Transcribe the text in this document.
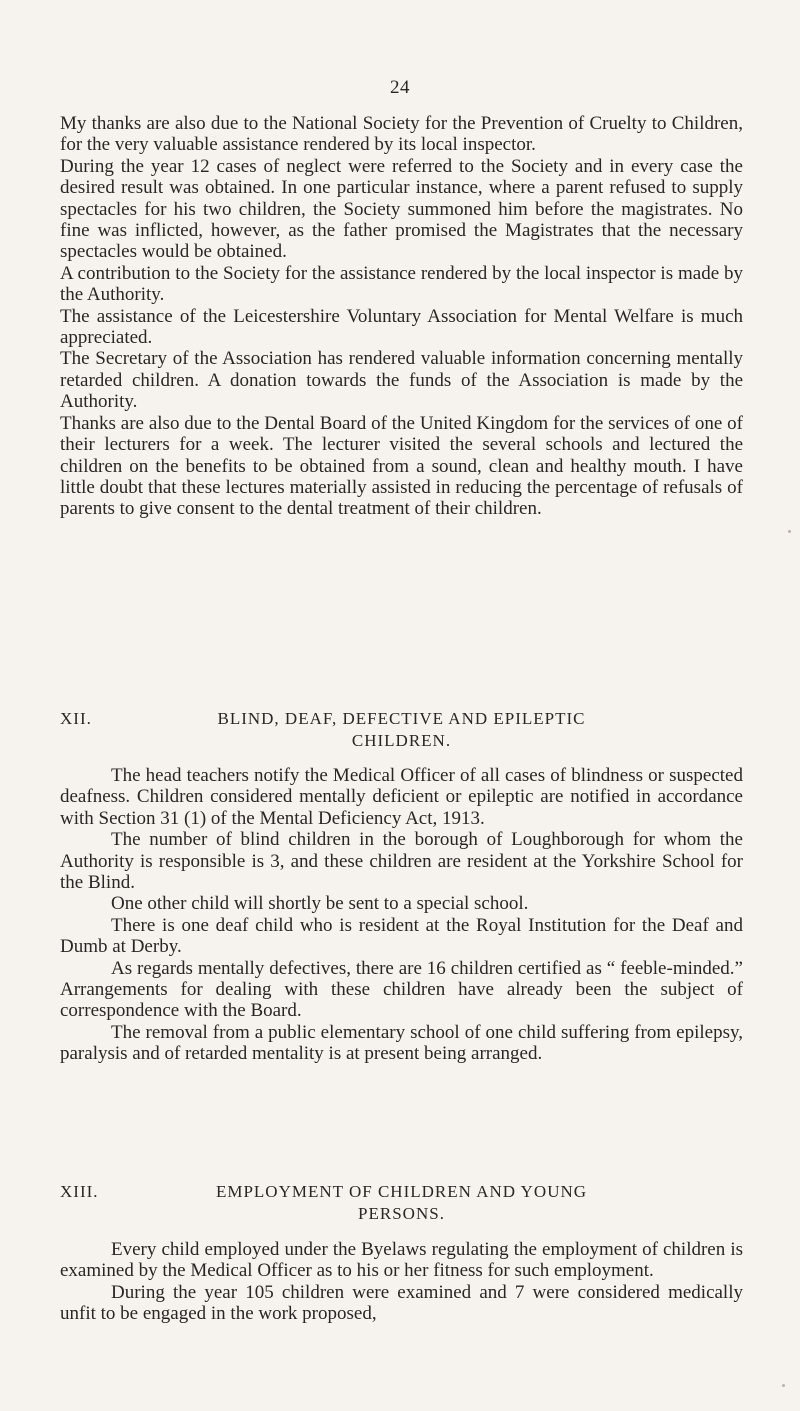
24

My thanks are also due to the National Society for the Prevention of Cruelty to Children, for the very valuable assistance rendered by its local inspector.

During the year 12 cases of neglect were referred to the Society and in every case the desired result was obtained. In one particular instance, where a parent refused to supply spectacles for his two children, the Society summoned him before the magistrates. No fine was inflicted, however, as the father promised the Magistrates that the necessary spectacles would be obtained.

A contribution to the Society for the assistance rendered by the local inspector is made by the Authority.

The assistance of the Leicestershire Voluntary Association for Mental Welfare is much appreciated.

The Secretary of the Association has rendered valuable information concerning mentally retarded children. A donation towards the funds of the Association is made by the Authority.

Thanks are also due to the Dental Board of the United Kingdom for the services of one of their lecturers for a week. The lecturer visited the several schools and lectured the children on the benefits to be obtained from a sound, clean and healthy mouth. I have little doubt that these lectures materially assisted in reducing the percentage of refusals of parents to give consent to the dental treatment of their children.

XII.	BLIND, DEAF, DEFECTIVE AND EPILEPTIC
CHILDREN.

The head teachers notify the Medical Officer of all cases of blindness or suspected deafness. Children considered mentally deficient or epileptic are notified in accordance with Section 31 (1) of the Mental Deficiency Act, 1913.

The number of blind children in the borough of Loughborough for whom the Authority is responsible is 3, and these children are resident at the Yorkshire School for the Blind.

One other child will shortly be sent to a special school.

There is one deaf child who is resident at the Royal Institution for the Deaf and Dumb at Derby.

As regards mentally defectives, there are 16 children certified as “ feeble-minded.” Arrangements for dealing with these children have already been the subject of correspondence with the Board.

The removal from a public elementary school of one child suffering from epilepsy, paralysis and of retarded mentality is at present being arranged.

XIII.	EMPLOYMENT OF CHILDREN AND YOUNG
PERSONS.

Every child employed under the Byelaws regulating the employment of children is examined by the Medical Officer as to his or her fitness for such employment.

During the year 105 children were examined and 7 were considered medically unfit to be engaged in the work proposed,
